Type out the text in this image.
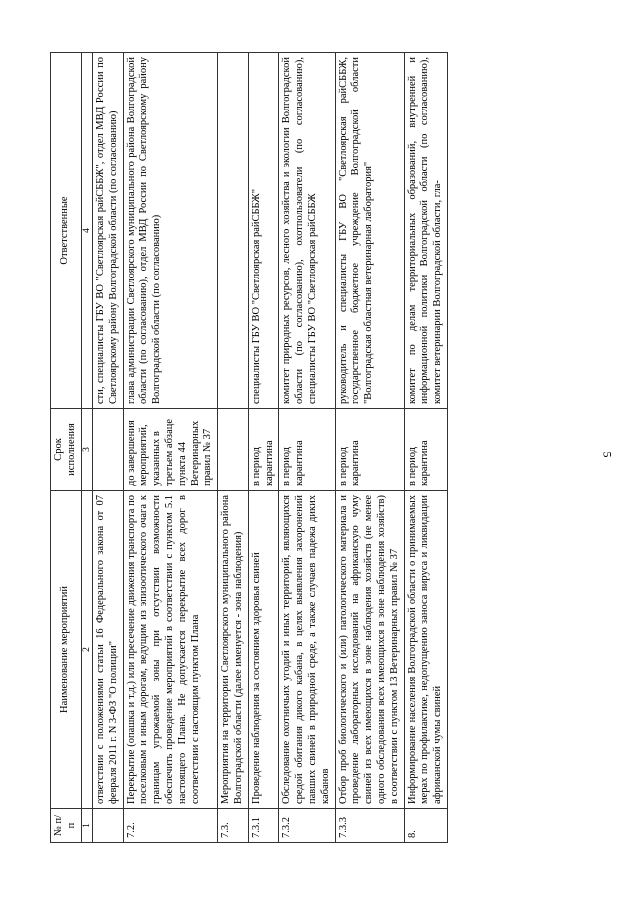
5
№ п/п	Наименование мероприятий	Срок исполнения	Ответственные
1	2	3	4
	ответствии с положениями статьи 16 Федерального закона от 07 февраля 2011 г. N 3-ФЗ "О полиции"		сти, специалисты ГБУ ВО "Светлоярская райСББЖ", отдел МВД России по Светлоярскому району Волгоградской области (по согласованию)
7.2.	Перекрытие (опашка и т.д.) или пресечение движения транспорта по поселковым и иным дорогам, ведущим из эпизоотического очага к границам угрожаемой зоны при отсутствии возможности обеспечить проведение мероприятий в соответствии с пунктом 5.1 настоящего Плана. Не допускается перекрытие всех дорог в соответствии с настоящим пунктом Плана	до завершения мероприятий, указанных в третьем абзаце пункта 44 Ветеринарных правил № 37	глава администрации Светлоярского муниципального района Волгоградской области (по согласованию), отдел МВД России по Светлоярскому району Волгоградской области (по согласованию)
7.3.	Мероприятия на территории Светлоярского муниципального района Волгоградской области (далее именуется - зона наблюдения)		
7.3.1	Проведение наблюдения за состоянием здоровья свиней	в период карантина	специалисты ГБУ ВО "Светлоярская райСББЖ"
7.3.2	Обследование охотничьих угодий и иных территорий, являющихся средой обитания дикого кабана, в целях выявления захоронений павших свиней в природной среде, а также случаев падежа диких кабанов	в период карантина	комитет природных ресурсов, лесного хозяйства и экологии Волгоградской области (по согласованию), охотпользователи (по согласованию), специалисты ГБУ ВО "Светлоярская райСББЖ
7.3.3	Отбор проб биологического и (или) патологического материала и проведение лабораторных исследований на африканскую чуму свиней из всех имеющихся в зоне наблюдения хозяйств (не менее одного обследования всех имеющихся в зоне наблюдения хозяйств) в соответствии с пунктом 13 Ветеринарных правил № 37	в период карантина	руководитель и специалисты ГБУ ВО "Светлоярская райСББЖ, государственное бюджетное учреждение Волгоградской области "Волгоградская областная ветеринарная лаборатория"
8.	Информирование населения Волгоградской области о принимаемых мерах по профилактике, недопущению заноса вируса и ликвидации африканской чумы свиней	в период карантина	комитет по делам территориальных образований, внутренней и информационной политики Волгоградской области (по согласованию), комитет ветеринарии Волгоградской области, гла-
